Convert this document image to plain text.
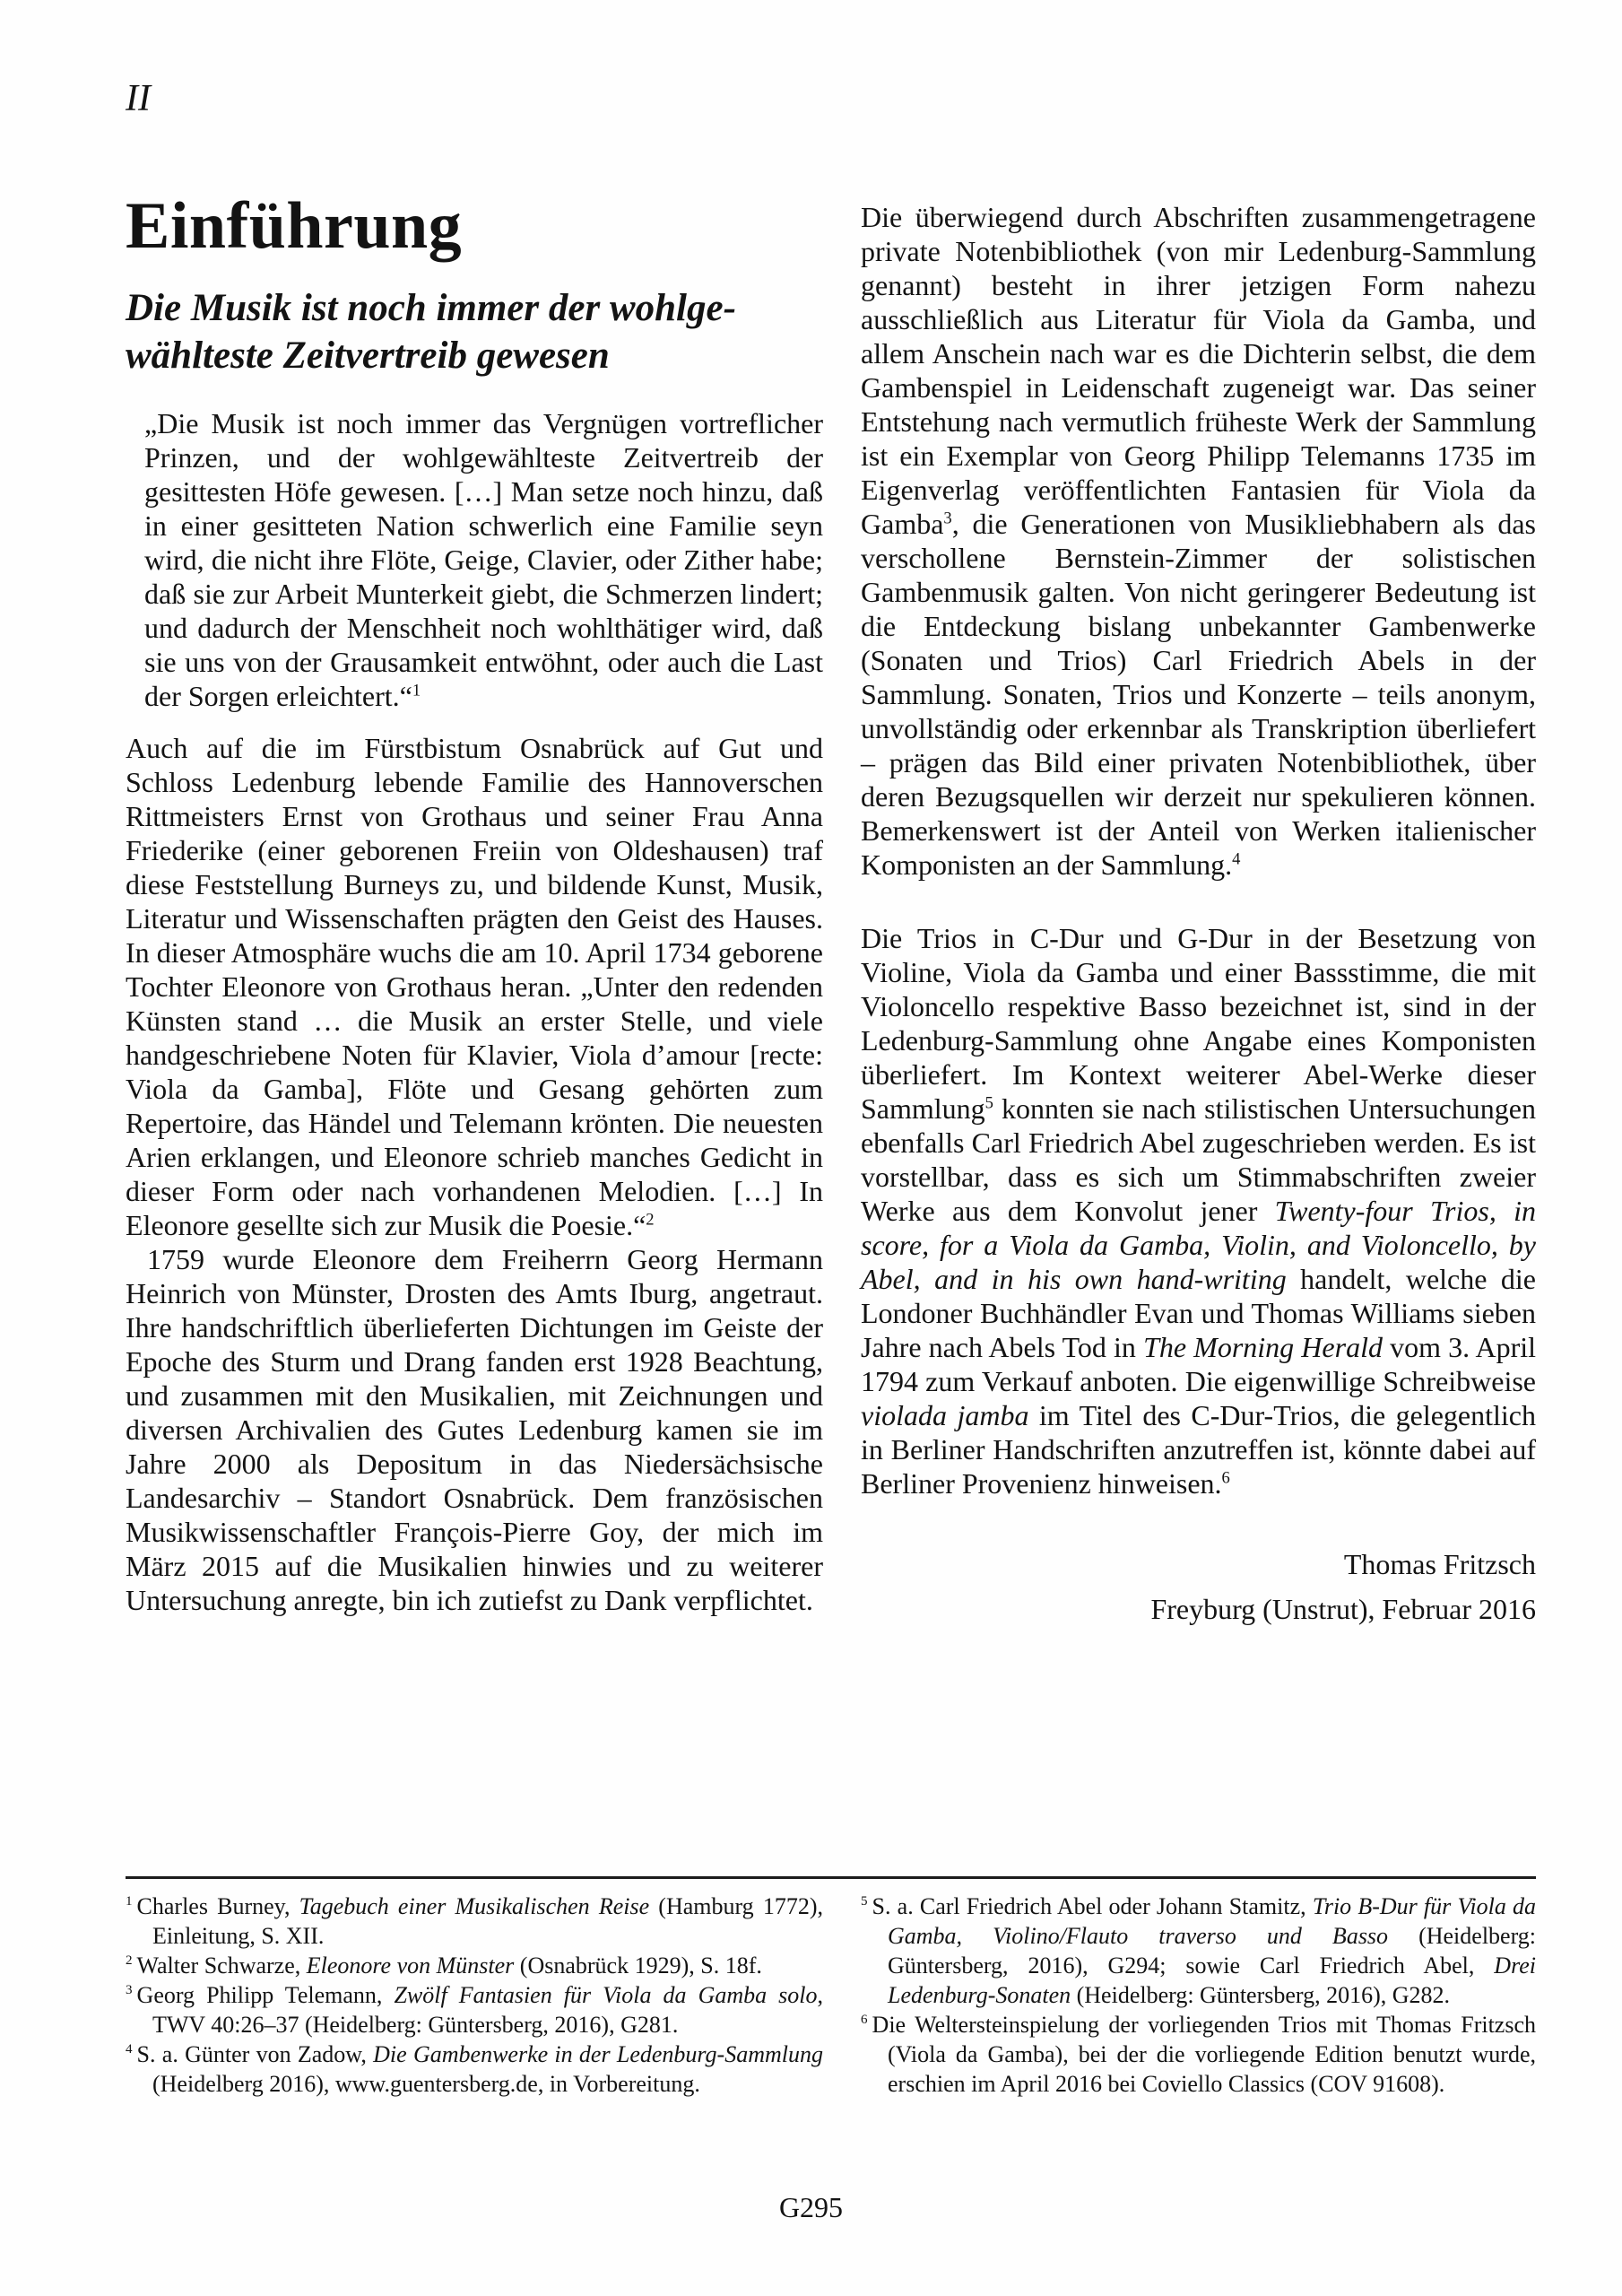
II
Einführung
Die Musik ist noch immer der wohlge-
wählteste Zeitvertreib gewesen

„Die Musik ist noch immer das Vergnügen vortreflicher Prinzen, und der wohlgewählteste Zeitvertreib der gesittesten Höfe gewesen. […] Man setze noch hinzu, daß in einer gesitteten Nation schwerlich eine Familie seyn wird, die nicht ihre Flöte, Geige, Clavier, oder Zither habe; daß sie zur Arbeit Munterkeit giebt, die Schmerzen lindert; und dadurch der Menschheit noch wohlthätiger wird, daß sie uns von der Grausamkeit entwöhnt, oder auch die Last der Sorgen erleichtert.“$^1$

Auch auf die im Fürstbistum Osnabrück auf Gut und Schloss Ledenburg lebende Familie des Hannoverschen Rittmeisters Ernst von Grothaus und seiner Frau Anna Friederike (einer geborenen Freiin von Oldeshausen) traf diese Feststellung Burneys zu, und bildende Kunst, Musik, Literatur und Wissenschaften prägten den Geist des Hauses. In dieser Atmosphäre wuchs die am 10. April 1734 geborene Tochter Eleonore von Grothaus heran. „Unter den redenden Künsten stand … die Musik an erster Stelle, und viele handgeschriebene Noten für Klavier, Viola d’amour [recte: Viola da Gamba], Flöte und Gesang gehörten zum Repertoire, das Händel und Telemann krönten. Die neuesten Arien erklangen, und Eleonore schrieb manches Gedicht in dieser Form oder nach vorhandenen Melodien. […] In Eleonore gesellte sich zur Musik die Poesie.“$^2$

1759 wurde Eleonore dem Freiherrn Georg Hermann Heinrich von Münster, Drosten des Amts Iburg, angetraut. Ihre handschriftlich überlieferten Dichtungen im Geiste der Epoche des Sturm und Drang fanden erst 1928 Beachtung, und zusammen mit den Musikalien, mit Zeichnungen und diversen Archivalien des Gutes Ledenburg kamen sie im Jahre 2000 als Depositum in das Niedersächsische Landesarchiv – Standort Osnabrück. Dem französischen Musikwissenschaftler François-Pierre Goy, der mich im März 2015 auf die Musikalien hinwies und zu weiterer Untersuchung anregte, bin ich zutiefst zu Dank verpflichtet.

Die überwiegend durch Abschriften zusammengetragene private Notenbibliothek (von mir Ledenburg-Sammlung genannt) besteht in ihrer jetzigen Form nahezu ausschließlich aus Literatur für Viola da Gamba, und allem Anschein nach war es die Dichterin selbst, die dem Gambenspiel in Leidenschaft zugeneigt war. Das seiner Entstehung nach vermutlich früheste Werk der Sammlung ist ein Exemplar von Georg Philipp Telemanns 1735 im Eigenverlag veröffentlichten Fantasien für Viola da Gamba$^3$, die Generationen von Musikliebhabern als das verschollene Bernstein-Zimmer der solistischen Gambenmusik galten. Von nicht geringerer Bedeutung ist die Entdeckung bislang unbekannter Gambenwerke (Sonaten und Trios) Carl Friedrich Abels in der Sammlung. Sonaten, Trios und Konzerte – teils anonym, unvollständig oder erkennbar als Transkription überliefert – prägen das Bild einer privaten Notenbibliothek, über deren Bezugsquellen wir derzeit nur spekulieren können. Bemerkenswert ist der Anteil von Werken italienischer Komponisten an der Sammlung.$^4$

Die Trios in C-Dur und G-Dur in der Besetzung von Violine, Viola da Gamba und einer Bassstimme, die mit Violoncello respektive Basso bezeichnet ist, sind in der Ledenburg-Sammlung ohne Angabe eines Komponisten überliefert. Im Kontext weiterer Abel-Werke dieser Sammlung$^5$ konnten sie nach stilistischen Untersuchungen ebenfalls Carl Friedrich Abel zugeschrieben werden. Es ist vorstellbar, dass es sich um Stimmabschriften zweier Werke aus dem Konvolut jener Twenty-four Trios, in score, for a Viola da Gamba, Violin, and Violoncello, by Abel, and in his own hand-writing handelt, welche die Londoner Buchhändler Evan und Thomas Williams sieben Jahre nach Abels Tod in The Morning Herald vom 3. April 1794 zum Verkauf anboten. Die eigenwillige Schreibweise violada jamba im Titel des C-Dur-Trios, die gelegentlich in Berliner Handschriften anzutreffen ist, könnte dabei auf Berliner Provenienz hinweisen.$^6$

Thomas Fritzsch
Freyburg (Unstrut), Februar 2016

$^1$ Charles Burney, Tagebuch einer Musikalischen Reise (Hamburg 1772), Einleitung, S. XII.

$^2$ Walter Schwarze, Eleonore von Münster (Osnabrück 1929), S. 18f.

$^3$ Georg Philipp Telemann, Zwölf Fantasien für Viola da Gamba solo, TWV 40:26–37 (Heidelberg: Güntersberg, 2016), G281.

$^4$ S. a. Günter von Zadow, Die Gambenwerke in der Ledenburg-Sammlung (Heidelberg 2016), www.guentersberg.de, in Vorbereitung.

$^5$ S. a. Carl Friedrich Abel oder Johann Stamitz, Trio B-Dur für Viola da Gamba, Violino/Flauto traverso und Basso (Heidelberg: Güntersberg, 2016), G294; sowie Carl Friedrich Abel, Drei Ledenburg-Sonaten (Heidelberg: Güntersberg, 2016), G282.

$^6$ Die Weltersteinspielung der vorliegenden Trios mit Thomas Fritzsch (Viola da Gamba), bei der die vorliegende Edition benutzt wurde, erschien im April 2016 bei Coviello Classics (COV 91608).

G295
